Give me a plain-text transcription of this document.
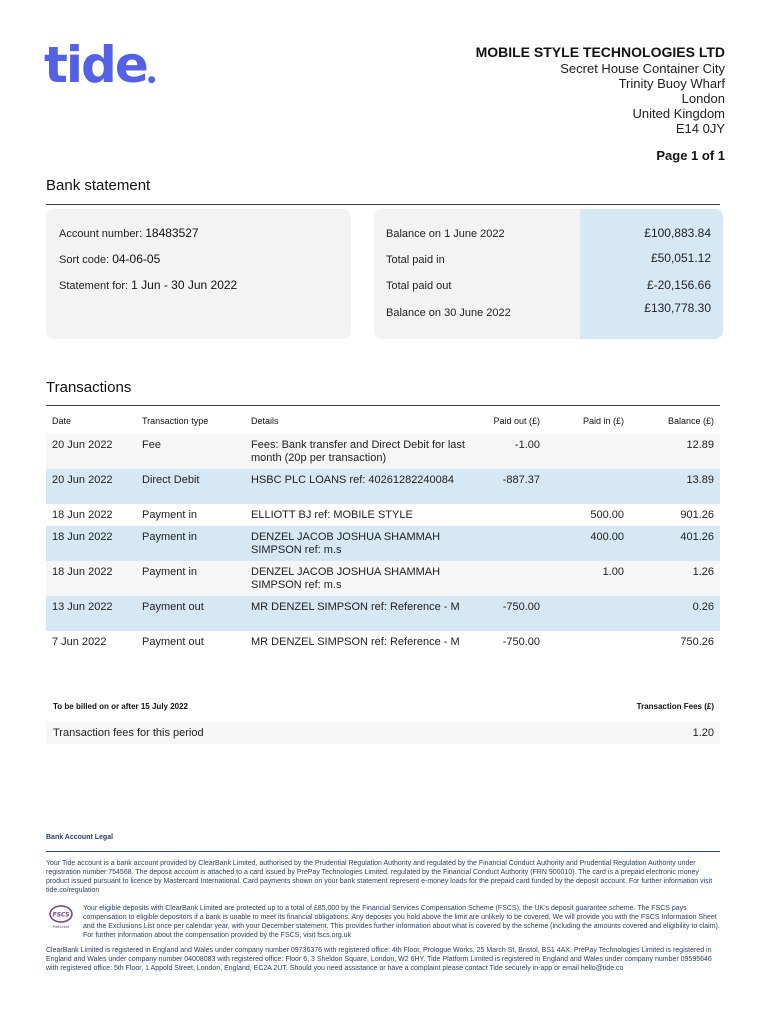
tide●
MOBILE STYLE TECHNOLOGIES LTD
Secret House Container City
Trinity Buoy Wharf
London
United Kingdom
E14 0JY
Page 1 of 1
Bank statement
Account number: 18483527
Sort code: 04-06-05
Statement for: 1 Jun - 30 Jun 2022
Balance on 1 June 2022	£100,883.84
Total paid in	£50,051.12
Total paid out	£-20,156.66
Balance on 30 June 2022	£130,778.30
Transactions
Date	Transaction type	Details	Paid out (£)	Paid in (£)	Balance (£)
20 Jun 2022	Fee	Fees: Bank transfer and Direct Debit for last month (20p per transaction)	-1.00		12.89
20 Jun 2022	Direct Debit	HSBC PLC LOANS ref: 40261282240084	-887.37		13.89
18 Jun 2022	Payment in	ELLIOTT BJ ref: MOBILE STYLE		500.00	901.26
18 Jun 2022	Payment in	DENZEL JACOB JOSHUA SHAMMAH SIMPSON ref: m.s		400.00	401.26
18 Jun 2022	Payment in	DENZEL JACOB JOSHUA SHAMMAH SIMPSON ref: m.s		1.00	1.26
13 Jun 2022	Payment out	MR DENZEL SIMPSON ref: Reference - M	-750.00		0.26
7 Jun 2022	Payment out	MR DENZEL SIMPSON ref: Reference - M	-750.00		750.26
To be billed on or after 15 July 2022	Transaction Fees (£)
Transaction fees for this period	1.20
Bank Account Legal
Your Tide account is a bank account provided by ClearBank Limited, authorised by the Prudential Regulation Authority and regulated by the Financial Conduct Authority and Prudential Regulation Authority under registration number 754568. The deposit account is attached to a card issued by PrePay Technologies Limited, regulated by the Financial Conduct Authority (FRN 900010). The card is a prepaid electronic money product issued pursuant to licence by Mastercard International. Card payments shown on your bank statement represent e-money loads for the prepaid card funded by the deposit account. For further information visit tide.co/regulation
FSCS
Protected
Your eligible deposits with ClearBank Limited are protected up to a total of £85,000 by the Financial Services Compensation Scheme (FSCS), the UK's deposit guarantee scheme. The FSCS pays compensation to eligible depositors if a bank is unable to meet its financial obligations. Any deposits you hold above the limit are unlikely to be covered. We will provide you with the FSCS Information Sheet and the Exclusions List once per calendar year, with your December statement. This provides further information about what is covered by the scheme (including the amounts covered and eligibility to claim). For further information about the compensation provided by the FSCS, visit fscs.org.uk
ClearBank Limited is registered in England and Wales under company number 09736376 with registered office: 4th Floor, Prologue Works, 25 March St, Bristol, BS1 4AX. PrePay Technologies Limited is registered in England and Wales under company number 04008083 with registered office: Floor 6, 3 Sheldon Square, London, W2 6HY. Tide Platform Limited is registered in England and Wales under company number 09595646 with registered office: 5th Floor, 1 Appold Street, London, England, EC2A 2UT. Should you need assistance or have a complaint please contact Tide securely in-app or email hello@tide.co
